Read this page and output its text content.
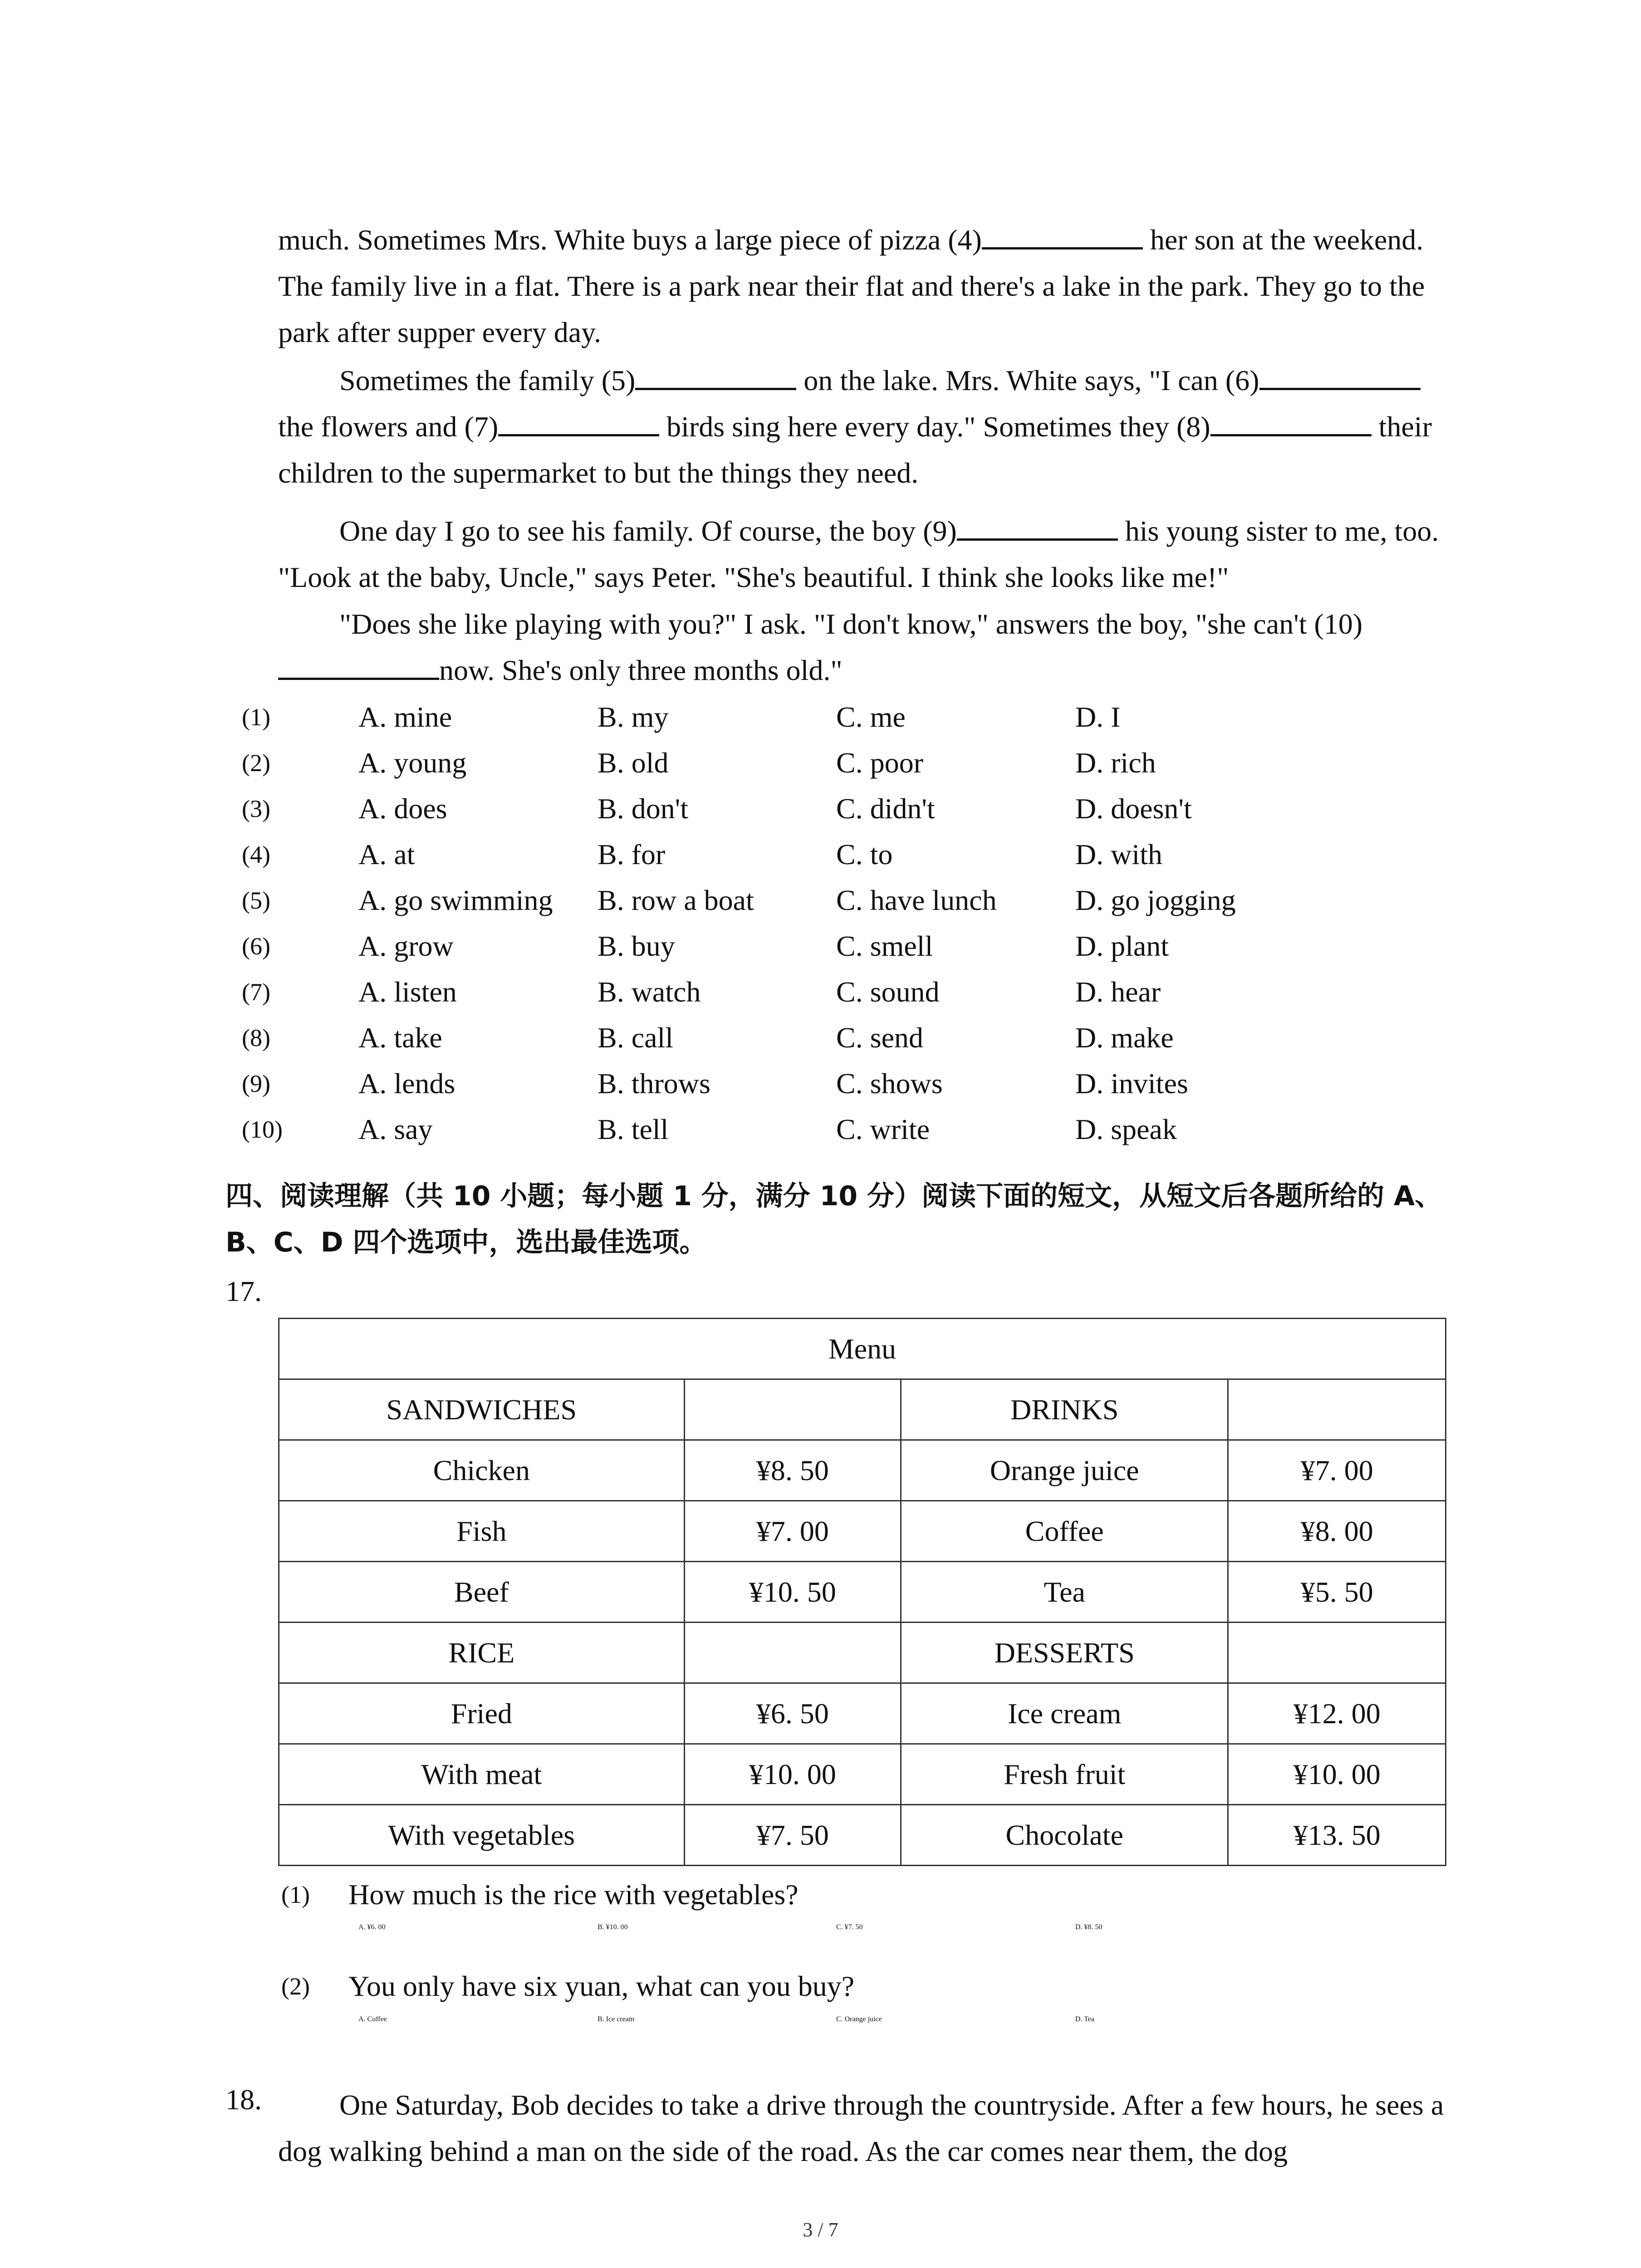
much. Sometimes Mrs. White buys a large piece of pizza (4)	her son at the weekend. The family live in a flat. There is a park near their flat and there's a lake in the park. They go to the park after supper every day.

Sometimes the family (5)	on the lake. Mrs. White says, "I can (6) the flowers and (7)	birds sing here every day." Sometimes they (8)	their children to the supermarket to but the things they need.

One day I go to see his family. Of course, the boy (9)	his young sister to me, too. "Look at the baby, Uncle," says Peter. "She's beautiful. I think she looks like me!"

"Does she like playing with you?" I ask. "I don't know," answers the boy, "she can't (10)now. She's only three months old."

(1)	A. mine	B. my	C. me	D. I
(2)	A. young	B. old	C. poor	D. rich
(3)	A. does	B. don't	C. didn't	D. doesn't
(4)	A. at	B. for	C. to	D. with
(5)	A. go swimming B. row a boat	C. have lunch	D. go jogging
(6)	A. grow	B. buy	C. smell	D. plant
(7)	A. listen	B. watch	C. sound	D. hear
(8)	A. take	B. call	C. send	D. make
(9)	A. lends	B. throws	C. shows	D. invites
(10)	A. say	B. tell	C. write	D. speak

四、阅读理解（共 10 小题；每小题 1 分，满分 10 分）阅读下面的短文，从短文后各题所给的 A、B、C、D 四个选项中，选出最佳选项。

17.
Menu			
SANDWICHES		DRINKS	
Chicken	¥8. 50	Orange juice	¥7. 00
Fish	¥7. 00	Coffee	¥8. 00
Beef	¥10. 50	Tea	¥5. 50
RICE		DESSERTS	
Fried	¥6. 50	Ice cream	¥12. 00
With meat	¥10. 00	Fresh fruit	¥10. 00
With vegetables	¥7. 50	Chocolate	¥13. 50
(1) How much is the rice with vegetables?
A. ¥6. 00	B. ¥10. 00	C. ¥7. 50	D. ¥8. 50
(2) You only have six yuan, what can you buy?
A. Coffee	B. Ice cream	C. Orange juice	D. Tea
18.	One Saturday, Bob decides to take a drive through the countryside. After a few hours, he sees a dog walking behind a man on the side of the road. As the car comes near them, the dog

3 / 7
